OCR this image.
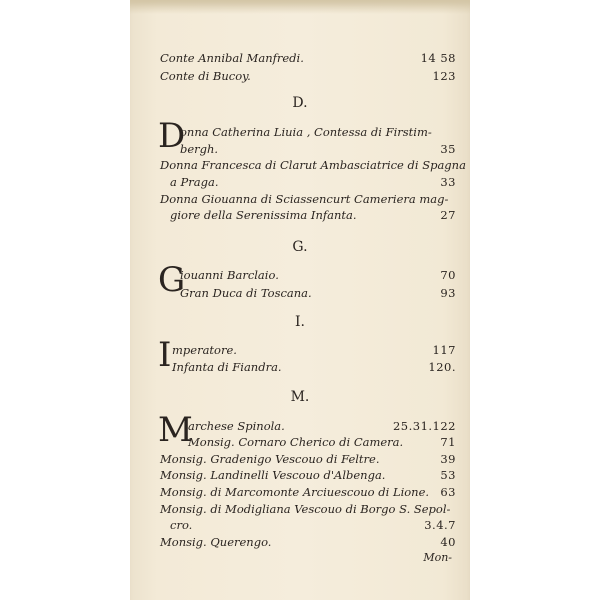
Conte Annibal Manfredi.	14 58
Conte di Bucoy.	123
D.
D
onna Catherina Liuia , Contessa di Firstim-
bergh.	35
Donna Francesca di Clarut Ambasciatrice di Spagna
a Praga.	33
Donna Giouanna di Sciassencurt Cameriera mag-
giore della Serenissima Infanta.	27
G.
G
iouanni Barclaio.	70
Gran Duca di Toscana.	93
I.
I mperatore.	117
Infanta di Fiandra.	120.
M.
M
archese Spinola.	25.31.122
Monsig. Cornaro Cherico di Camera.	71
Monsig. Gradenigo Vescouo di Feltre.	39
Monsig. Landinelli Vescouo d'Albenga.	53
Monsig. di Marcomonte Arciuescouo di Lione. 63
Monsig. di Modigliana Vescouo di Borgo S. Sepol-
cro.	3.4.7
Monsig. Querengo.	40
Mon-
